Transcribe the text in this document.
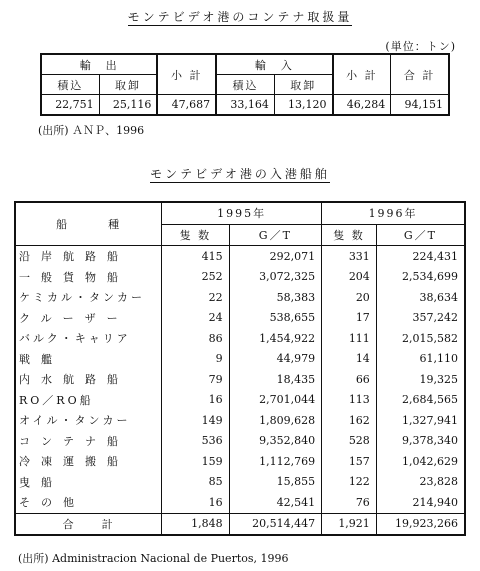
モンテビデオ港のコンテナ取扱量
(単位：トン)
輸　出		小 計	輸　入		小 計	合 計
積込	取卸		積込	取卸		
22,751	25,116	47,687	33,164	13,120	46,284	94,151
(出所) ＡＮＰ、1996
モンテビデオ港の入港船舶
船　　　種	1995年		1996年	
	隻 数	G／T	隻 数	G／T
沿岸航路船	415	292,071	331	224,431
一般貨物船	252	3,072,325	204	2,534,699
ケミカル・タンカー	22	58,383	20	38,634
クルーザー	24	538,655	17	357,242
バルク・キャリア	86	1,454,922	111	2,015,582
戦艦	9	44,979	14	61,110
内水航路船	79	18,435	66	19,325
RO／RO船	16	2,701,044	113	2,684,565
オイル・タンカー	149	1,809,628	162	1,327,941
コンテナ船	536	9,352,840	528	9,378,340
冷凍運搬船	159	1,112,769	157	1,042,629
曳船	85	15,855	122	23,828
その他	16	42,541	76	214,940
合　　計	1,848	20,514,447	1,921	19,923,266
(出所) Administracion Nacional de Puertos, 1996
